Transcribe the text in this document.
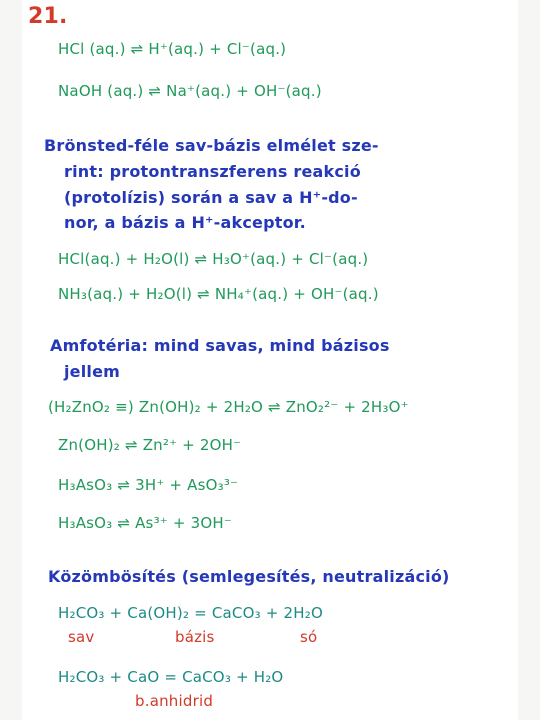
21.
HCl (aq.) ⇌ H⁺(aq.) + Cl⁻(aq.)
NaOH (aq.) ⇌ Na⁺(aq.) + OH⁻(aq.)
Brönsted-féle sav-bázis elmélet sze-
rint: protontranszferens reakció
(protolízis) során a sav a H⁺-do-
nor, a bázis a H⁺-akceptor.
HCl(aq.) + H₂O(l) ⇌ H₃O⁺(aq.) + Cl⁻(aq.)
NH₃(aq.) + H₂O(l) ⇌ NH₄⁺(aq.) + OH⁻(aq.)
Amfotéria: mind savas, mind bázisos
jellem
(H₂ZnO₂ ≡) Zn(OH)₂ + 2H₂O ⇌ ZnO₂²⁻ + 2H₃O⁺
Zn(OH)₂ ⇌ Zn²⁺ + 2OH⁻
H₃AsO₃ ⇌ 3H⁺ + AsO₃³⁻
H₃AsO₃ ⇌ As³⁺ + 3OH⁻
Közömbösítés (semlegesítés, neutralizáció)
H₂CO₃ + Ca(OH)₂ = CaCO₃ + 2H₂O
sav	bázis	só
H₂CO₃ + CaO = CaCO₃ + H₂O
b.anhidrid
